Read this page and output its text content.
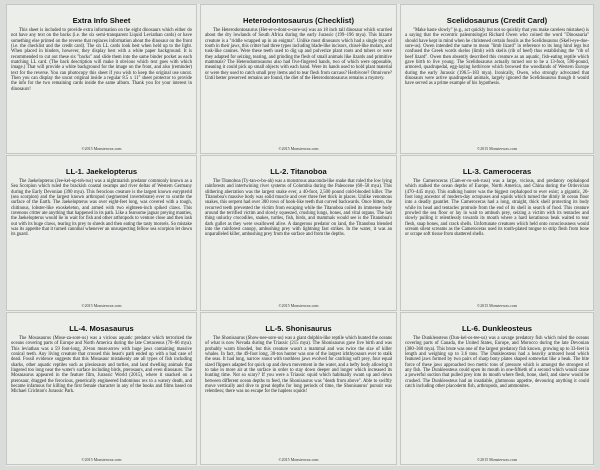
Extra Info Sheet

This sheet is included to provide extra information on the eight dinosaurs which either do not have any text on the backs (i.e. the six semi-transparent Liquid Leviathan cards) or have something else printed on the reverse that replaces information about the dinosaur on the front (i.e. the checklist and the credit card). The six LL cards look best when held up to the light. When placed in binders, however, they display best with a white paper background. It is recommended to cut out these six "backs" and slide them into the same binder pocket as each matching LL card. (The back description will make it obvious which text goes with which image.) That will provide a white background for the image on the front, and also (reminder) text for the reverse. You can photocopy this sheet if you wish to keep the original use uncut. Then you can display the uncut original inside a regular 8.5 x 11" sheet protector to provide the info for the two remaining cards inside the same album. Thank you for your interest in dinosaurs!

©2015 Monsterwax.com
Heterodontosaurus (Checklist)

The Heterodontosaurus (Het-er-o-dont-o-sore-us) was an 18 inch tall dinosaur which scurried about the dry lowlands of South Africa during the early Jurassic (199–196 mya). This bizarre creature is a "riddle wrapped up in an enigma". Unlike most dinosaurs which had a single type of tooth in their jaws, this critter had three types including blade-like incisors, chisel-like molars, and tusk-like canines. Were these teeth used to dig up and pulverize plant roots and tubers or were they adapted for seizing, tearing, and grinding the flesh of small animals like lizards and primitive mammals? The Heterodontosaurus also had five-fingered hands, two of which were opposable, meaning it could pick up small objects with each hand. Were its hands used to hold plant material or were they used to catch small prey items and to tear flesh from carcass? Herbivore? Omnivore? Until better preserved remains are found, the diet of the Heterodontosaurus remains a mystery.

©2015 Monsterwax.com
Scelidosaurus (Credit Card)

"Make haste slowly" (e.g., act quickly but not so quickly that you make careless mistakes) is a saying that the eccentric paleontologist Richard Owen who coined the word "Dinosauria" should have kept in mind when he christened certain fossils as the Scelidosaurus (Skell-eye-doe-sore-us). Owen intended the name to mean "limb lizard" in reference to its long hind legs but confused the Greek words skelos (limb) with skelis (rib of beef) thus establishing the "rib of beef lizard". Owen then absently described this creature as an aquatic, fish-eating reptile which gave birth to live young. The Scelidosaurus actually turned out to be a 13-foot, 590-pound, armored, quadrupedal, egg-laying herbivore which browsed the woodlands of Western Europe during the early Jurassic (196.5–183 mya). Ironically, Owen, who strongly advocated that dinosaurs were active quadrupedal animals, largely ignored the Scelidosaurus though it would have served as a prime example of his hypothesis.

©2015 Monsterwax.com
LL-1. Jaekelopterus

The Jaekelopterus (Jee-kel-op-teh-rus) was a nightmarish predator commonly known as a Sea Scorpion which ruled the brackish coastal swamps and river deltas of Western Germany during the Early Devonian (390 mya). This ferocious creature is the largest known eurypterid (sea scorpion) and the largest known arthropod (segmented invertebrate) ever to scuttle the surface of the Earth. The Jaekelopterus was over eight-feet long, was covered with a tough, chitinous, lobster-like exoskeleton, and armed with two eighteen-inch spiked claws. This ravenous critter ate anything that happened in its path. Like a fearsome jaguar preying manties, the Jaekelopterus would lie in wait for fish and other arthropods to venture close and then lash out with its huge claws, tearing its prey to shreds and then eating the tasty morsels. So mistake was its appetite that it turned cannibal whenever an unsuspecting fellow sea scorpion let down its guard.

©2015 Monsterwax.com
LL-2. Titanoboa

The Titanoboa (Ty-tan-o-bo-ah) was a monstrous anaconda-like snake that ruled the low lying rainforests and intertwining river systems of Colombia during the Paleocene (60–58 mya). This slithering aberration was the largest snake ever, a 40-foot, 2,500 pound cold-blooded killer. The Titanoboa's massive body was solid muscle and over three feet thick in places. Unlike venomous snakes, this serpent had over 300 rows of hook-like teeth that curved backwards. Once bitten, the recurved teeth prevented the victim from escaping while the Titanoboa coiled its immense body around the terrified victim and slowly squeezed, crushing lungs, bones, and vital organs. The last thing unlucky crocodiles, snakes, turtles, fish, birds, and mammals would see is the Titanoboa's dark gullet as they were swallowed alive. A dangerous predator on land, the Titanoboa blended into the rainforest canopy, ambushing prey with lightning fast strikes. In the water, it was an unparalleled killer, ambushing prey from the surface and from the depths.

©2015 Monsterwax.com
LL-3. Cameroceras

The Cameroceras (Cam-er-ro-seh-russ) was a large, vicious, and predatory cephalopod which stalked the ocean depths of Europe, North America, and China during the Ordovician (470–445 mya). This stalking hunter was the biggest cephalopod to ever exist; a gigantic, 20-foot long ancestor of modern-day octopuses and squids which turned the dimly lit ocean floor into a deadly gauntlet. The Cameroceras had a long, straight, thick shell protecting its body while its head and tentacles protrude from the end of its shell in search of food. This creature prowled the sea floor or lay in wait to ambush prey, seizing a victim with its tentacles and slowly pulling it relentlessly towards its mouth where a hard keratinous beak waited to tear flesh, snap bones, and crack shells. Unfortunate creatures which held onto consciousness would scream silent screams as the Cameroceras used its tooth-plated tongue to strip flesh from bone or scrape soft tissue from shattered shells.

©2015 Monsterwax.com
LL-4. Mosasaurus

The Mosasaurus (Mose-za-sore-us) was a vicious aquatic predator which terrorized the oceans covering parts of Europe and North America during the late Cretaceous (70–66 mya). This leviathan was a 59 foot-long, 20-ton meat-arrow with huge jaws containing massive conical teeth. Any living creature that crossed this beast's path ended up with a bad case of dead. Fossil evidence suggests that this Mosasaur mistakenly ate all types of fish including sharks, other aquatic reptiles such as plesiosaurs and turtles, and land dwelling animals that lingered too long near the water's surface including birds, pterosaurs, and even dinosaurs. The Mosasaurus appeared in the feature film, Jurassic World (2015), where it snacked on a pterosaur, dragged the ferocious, genetically engineered Indominus rex to a watery death, and became infamous for killing the first female character in any of the books and films based on Michael Crichton's Jurassic Park.

©2015 Monsterwax.com
LL-5. Shonisaurus

The Shonisaurus (Show-nee-sore-us) was a giant dolphin-like reptile which hunted the oceans of what is now Nevada during the Triassic (215 mya). The Shonisaurus gave live birth and was probably warm blooded, but this creature wasn't a mammal and was twice the size of killer whales. In fact, the 49-foot long, 30-ton hunter was one of the largest ichthyosaurs ever to stalk the seas. It had long, narrow snout with toothless jaws evolved for catching soft prey, four equal sized flippers adapted for quick up and down movement in the water, and a hefty body allowing it to take in more air at the surface in order to stay down deeper and longer which increased its hunting time. Not so scary? If you were a Triassic squid which habitually swam up and down between different ocean depths to feed, the Shonisaurus was "death from above". Able to swiftly move vertically and dive to great depths for long periods of time, the Shonisaurus' pursuit was relentless; there was no escape for the hapless squids!

©2015 Monsterwax.com
LL-6. Dunkleosteus

The Dunkleosteus (Dun-kel-os-tee-us) was a savage predatory fish which ruled the oceans covering parts of Canada, the United States, Europe, and Morocco during the late Devonian (380–360 mya). This brute was one of the largest predatory fish known, growing up to 33-feet in length and weighing up to 3.6 tons. The Dunkleosteus had a heavily armored head which featured jaws formed by two pairs of sharp bony plates shaped somewhat like a beak. The bite force of these jaws approached two metric tons of pressure which is amongst the strongest of any fish. The Dunkleosteus could open its mouth in one-fiftieth of a second which would cause a powerful suction that pulled prey into its mouth where flesh, bone, shell, and sinew would be crushed. The Dunkleosteus had an insatiable, gluttonous appetite, devouring anything it could catch including other placoderm fish, arthropods, and ammonites.

©2015 Monsterwax.com
